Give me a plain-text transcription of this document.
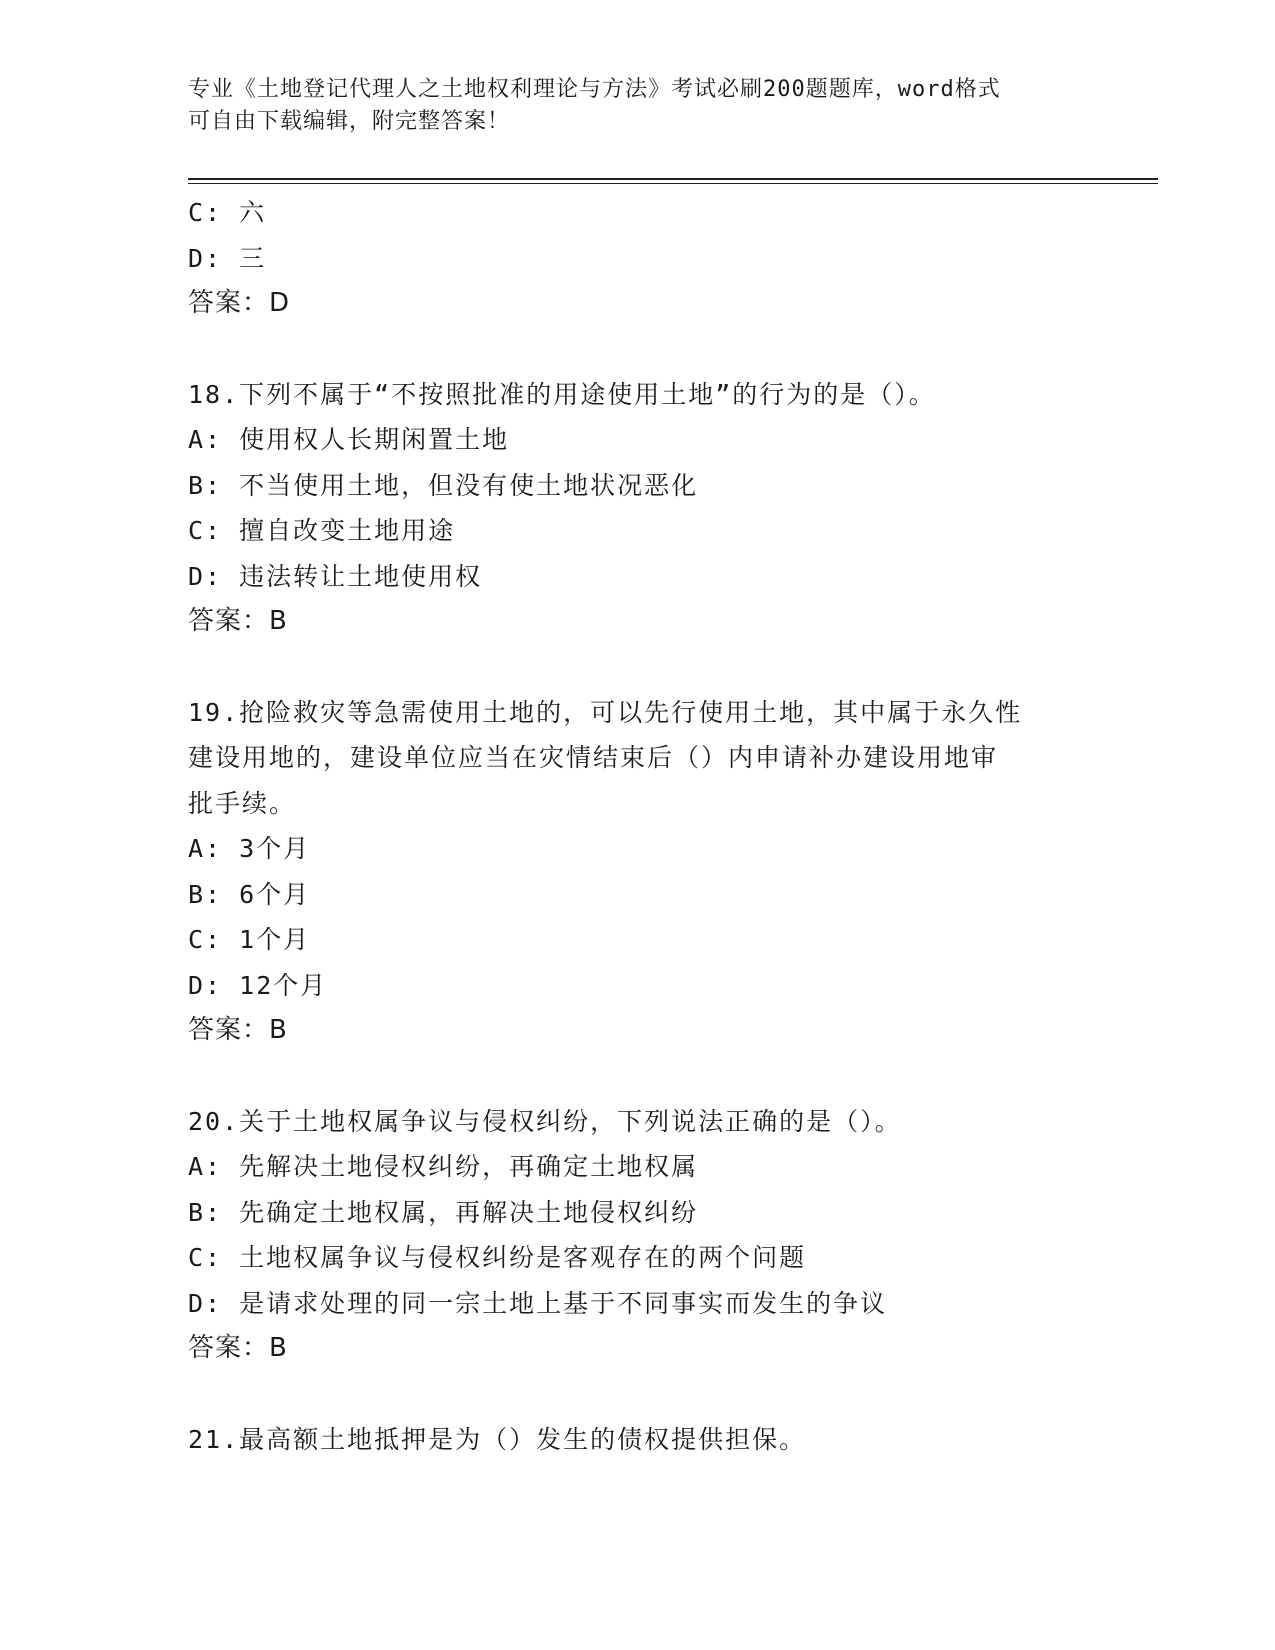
专业《土地登记代理人之土地权利理论与方法》考试必刷200题题库，word格式
可自由下载编辑，附完整答案！
C: 六
D: 三
答案：D
18.下列不属于“不按照批准的用途使用土地”的行为的是（）。
A: 使用权人长期闲置土地
B: 不当使用土地，但没有使土地状况恶化
C: 擅自改变土地用途
D: 违法转让土地使用权
答案：B
19.抢险救灾等急需使用土地的，可以先行使用土地，其中属于永久性
建设用地的，建设单位应当在灾情结束后（）内申请补办建设用地审
批手续。
A: 3个月
B: 6个月
C: 1个月
D: 12个月
答案：B
20.关于土地权属争议与侵权纠纷，下列说法正确的是（）。
A: 先解决土地侵权纠纷，再确定土地权属
B: 先确定土地权属，再解决土地侵权纠纷
C: 土地权属争议与侵权纠纷是客观存在的两个问题
D: 是请求处理的同一宗土地上基于不同事实而发生的争议
答案：B
21.最高额土地抵押是为（）发生的债权提供担保。
